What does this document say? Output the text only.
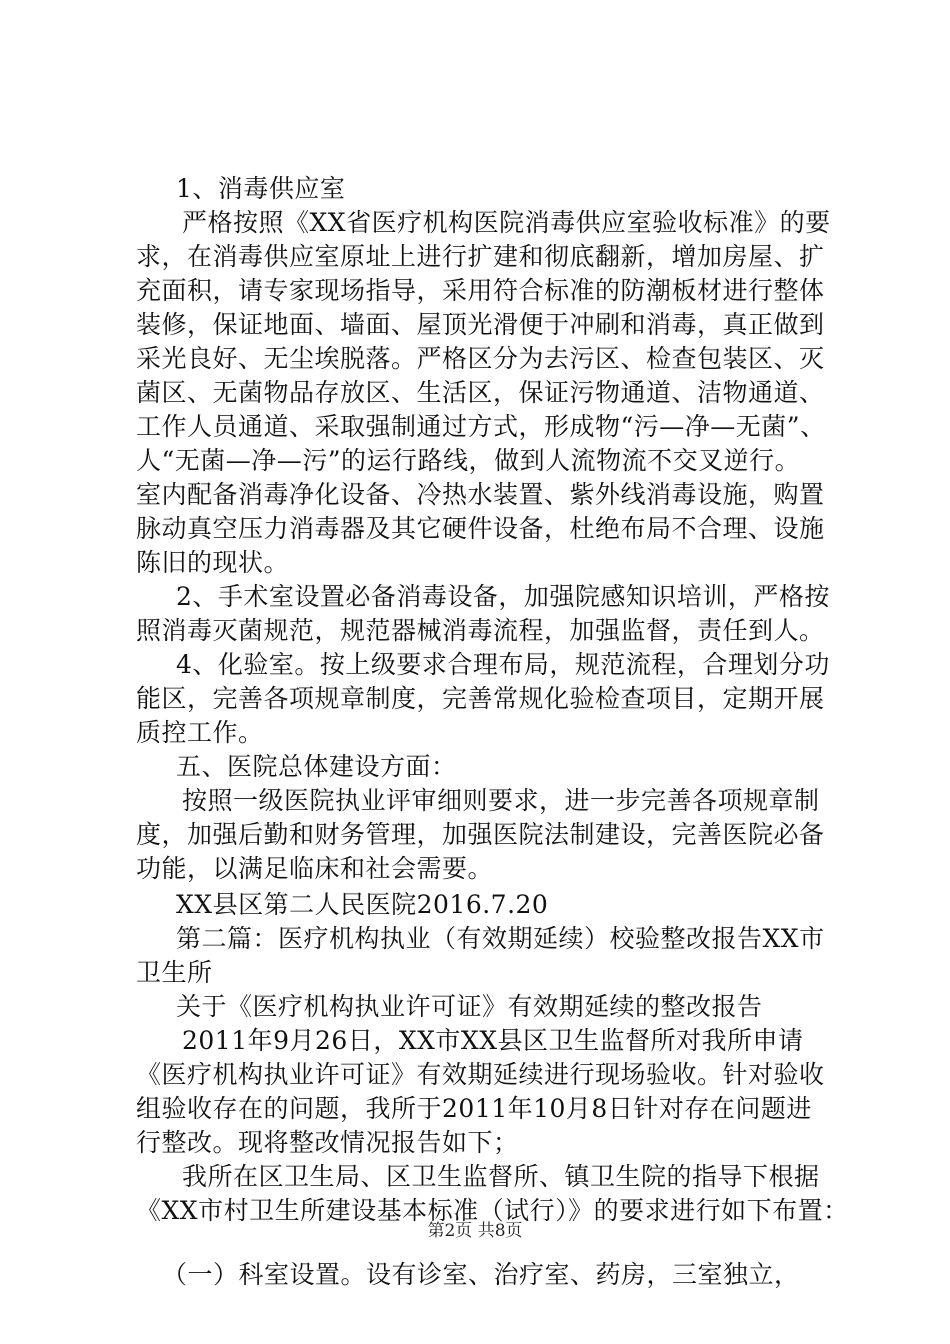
1、消毒供应室
严格按照《XX省医疗机构医院消毒供应室验收标准》的要
求，在消毒供应室原址上进行扩建和彻底翻新，增加房屋、扩
充面积，请专家现场指导，采用符合标准的防潮板材进行整体
装修，保证地面、墙面、屋顶光滑便于冲刷和消毒，真正做到
采光良好、无尘埃脱落。严格区分为去污区、检查包装区、灭
菌区、无菌物品存放区、生活区，保证污物通道、洁物通道、
工作人员通道、采取强制通过方式，形成物“污—净—无菌”、
人“无菌—净—污”的运行路线，做到人流物流不交叉逆行。
室内配备消毒净化设备、冷热水装置、紫外线消毒设施，购置
脉动真空压力消毒器及其它硬件设备，杜绝布局不合理、设施
陈旧的现状。
2、手术室设置必备消毒设备，加强院感知识培训，严格按
照消毒灭菌规范，规范器械消毒流程，加强监督，责任到人。
4、化验室。按上级要求合理布局，规范流程，合理划分功
能区，完善各项规章制度，完善常规化验检查项目，定期开展
质控工作。
五、医院总体建设方面：
按照一级医院执业评审细则要求，进一步完善各项规章制
度，加强后勤和财务管理，加强医院法制建设，完善医院必备
功能，以满足临床和社会需要。
XX县区第二人民医院2016.7.20
第二篇：医疗机构执业（有效期延续）校验整改报告XX市
卫生所
关于《医疗机构执业许可证》有效期延续的整改报告
2011年9月26日，XX市XX县区卫生监督所对我所申请
《医疗机构执业许可证》有效期延续进行现场验收。针对验收
组验收存在的问题，我所于2011年10月8日针对存在问题进
行整改。现将整改情况报告如下；
我所在区卫生局、区卫生监督所、镇卫生院的指导下根据
《XX市村卫生所建设基本标准（试行）》的要求进行如下布置：
（一）科室设置。设有诊室、治疗室、药房，三室独立，
第2页 共8页
